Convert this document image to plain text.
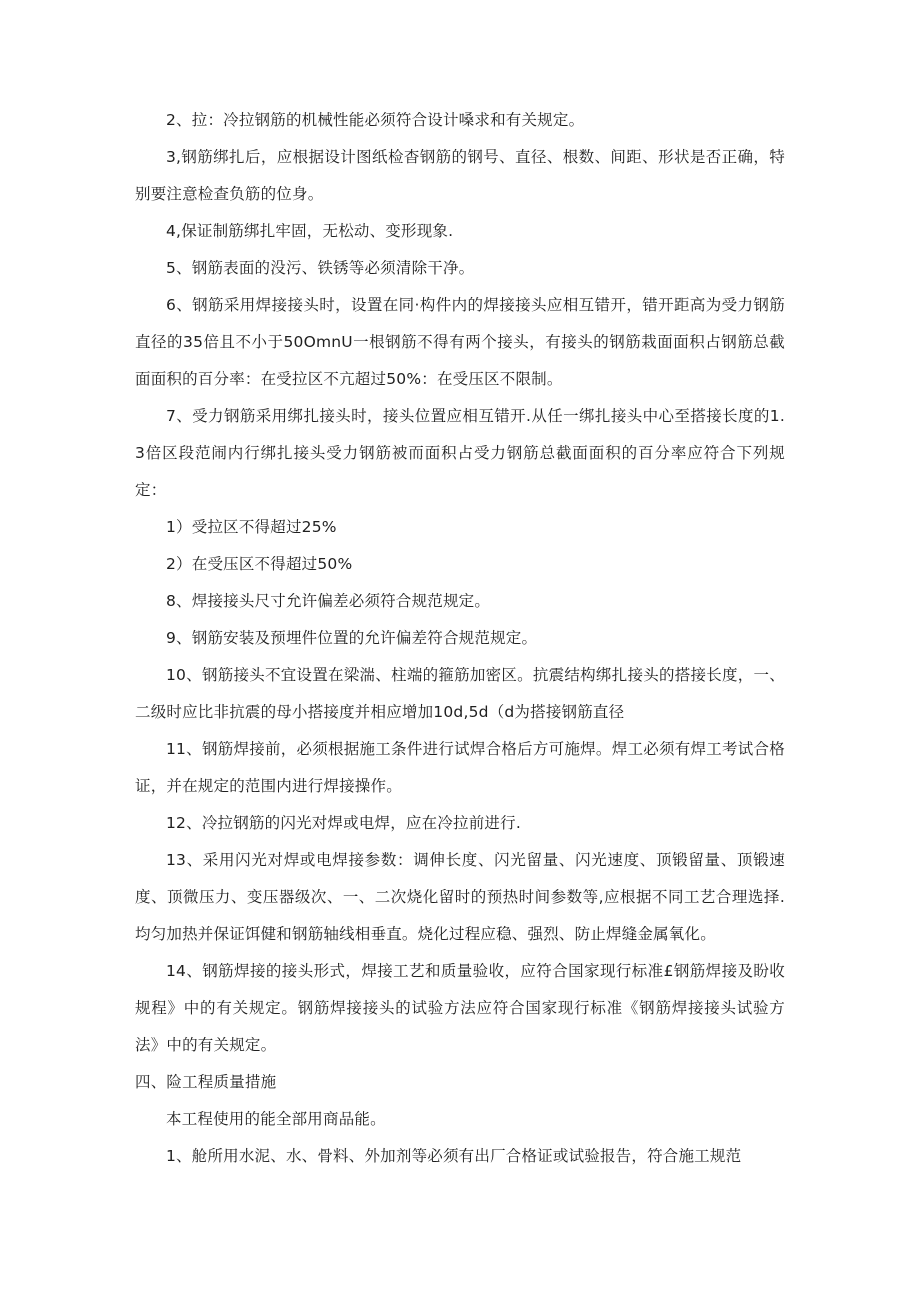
2、拉：冷拉钢筋的机械性能必须符合设计嗓求和有关规定。

3,钢筋绑扎后，应根据设计图纸检杳钢筋的钢号、直径、根数、间距、形状是否正确，特别要注意检查负筋的位身。

4,保证制筋绑扎牢固，无松动、变形现象.

5、钢筋表面的没污、铁锈等必须清除干净。

6、钢筋采用焊接接头时，设置在同·构件内的焊接接头应相互错开，错开距高为受力钢筋直径的35倍且不小于50OmnU一根钢筋不得有两个接头，有接头的钢筋栽面面积占钢筋总截面面积的百分率：在受拉区不亢超过50%：在受压区不限制。

7、受力钢筋采用绑扎接头时，接头位置应相互错开.从任一绑扎接头中心至搭接长度的1.3倍区段范闹内行绑扎接头受力钢筋被而面积占受力钢筋总截面面积的百分率应符合下列规定：

1）受拉区不得超过25%

2）在受压区不得超过50%

8、焊接接头尺寸允许偏差必须符合规范规定。

9、钢筋安装及预埋件位置的允许偏差符合规范规定。

10、钢筋接头不宜设置在梁湍、柱端的箍筋加密区。抗震结构绑扎接头的搭接长度，一、二级时应比非抗震的母小搭接度并相应增加10d,5d（d为搭接钢筋直径

11、钢筋焊接前，必须根据施工条件进行试焊合格后方可施焊。焊工必须有焊工考试合格证，并在规定的范围内进行焊接操作。

12、冷拉钢筋的闪光对焊或电焊，应在冷拉前进行.

13、采用闪光对焊或电焊接参数：调伸长度、闪光留量、闪光速度、顶锻留量、顶锻速度、顶微压力、变压器级次、一、二次烧化留时的预热时间参数等,应根据不同工艺合理选择.均匀加热并保证饵健和钢筋轴线相垂直。烧化过程应稳、强烈、防止焊缝金属氧化。

14、钢筋焊接的接头形式，焊接工艺和质量验收，应符合国家现行标准£钢筋焊接及盼收规程》中的有关规定。钢筋焊接接头的试验方法应符合国家现行标准《钢筋焊接接头试验方法》中的有关规定。

四、险工程质量措施

本工程使用的能全部用商品能。

1、舱所用水泥、水、骨料、外加剂等必须有出厂合格证或试验报告，符合施工规范
